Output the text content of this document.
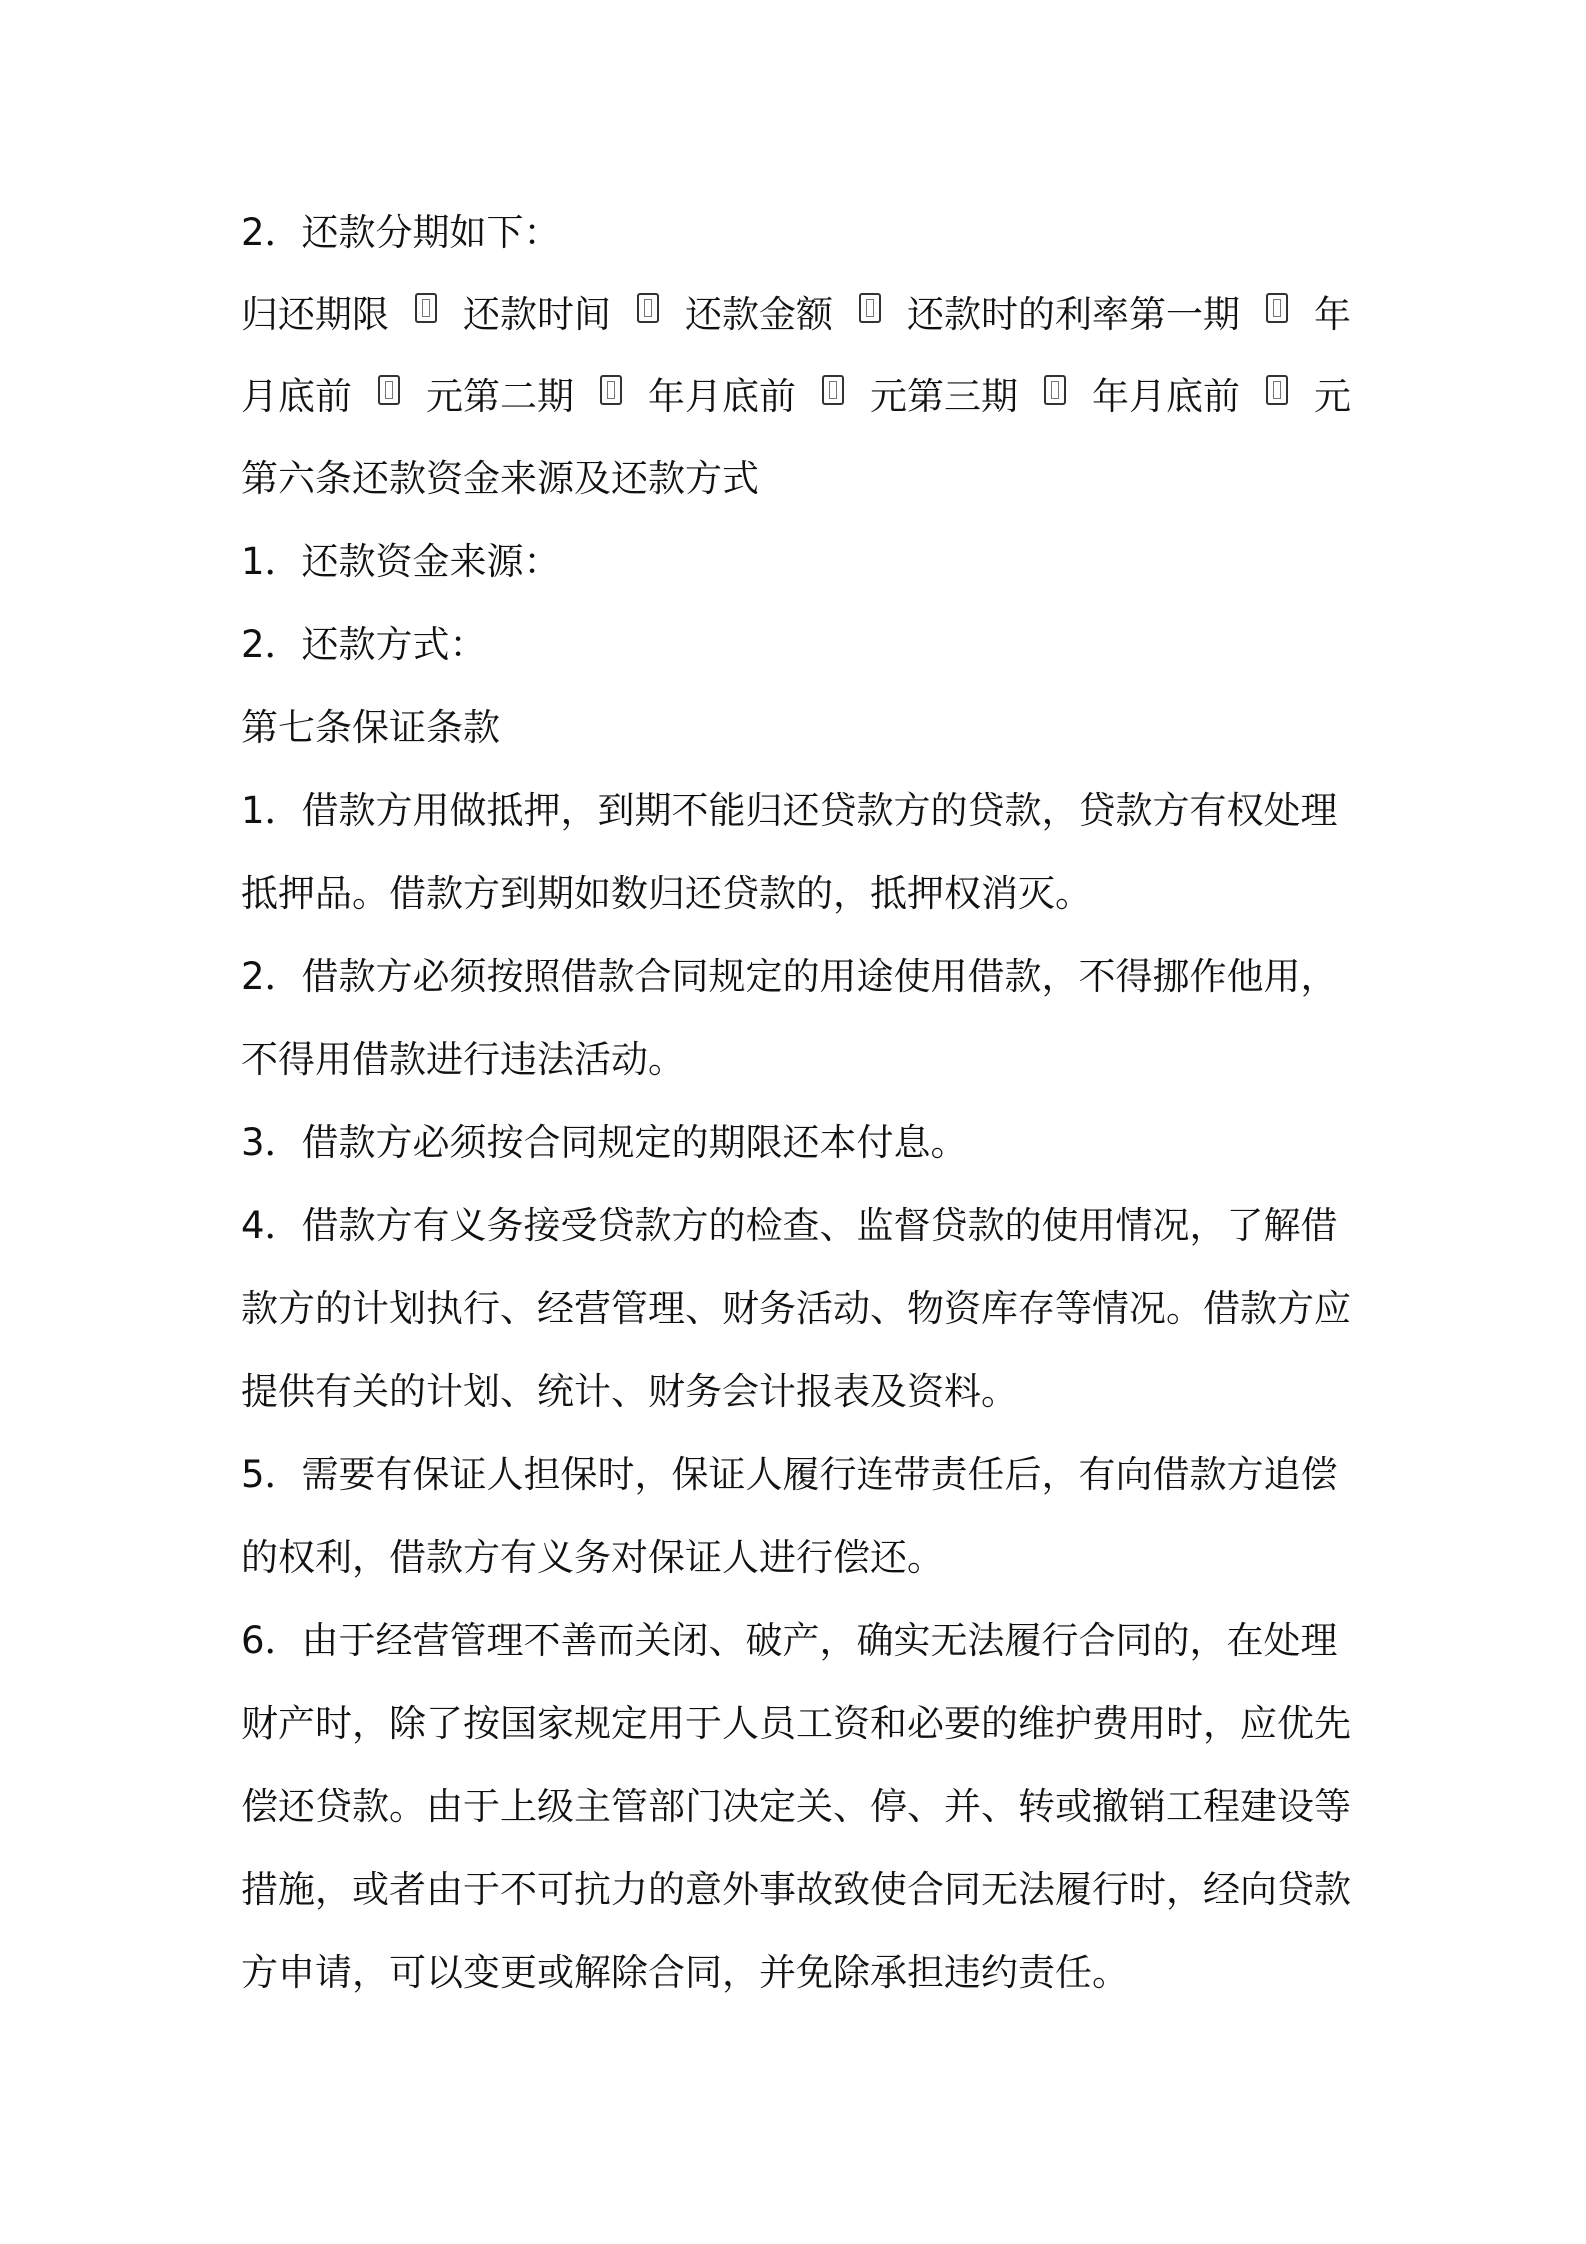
2．还款分期如下：
归还期限 还款时间 还款金额 还款时的利率第一期 年
月底前 元第二期 年月底前 元第三期 年月底前 元
第六条还款资金来源及还款方式
1．还款资金来源：
2．还款方式：
第七条保证条款
1．借款方用做抵押，到期不能归还贷款方的贷款，贷款方有权处理
抵押品。借款方到期如数归还贷款的，抵押权消灭。
2．借款方必须按照借款合同规定的用途使用借款，不得挪作他用，
不得用借款进行违法活动。
3．借款方必须按合同规定的期限还本付息。
4．借款方有义务接受贷款方的检查、监督贷款的使用情况，了解借
款方的计划执行、经营管理、财务活动、物资库存等情况。借款方应
提供有关的计划、统计、财务会计报表及资料。
5．需要有保证人担保时，保证人履行连带责任后，有向借款方追偿
的权利，借款方有义务对保证人进行偿还。
6．由于经营管理不善而关闭、破产，确实无法履行合同的，在处理
财产时，除了按国家规定用于人员工资和必要的维护费用时，应优先
偿还贷款。由于上级主管部门决定关、停、并、转或撤销工程建设等
措施，或者由于不可抗力的意外事故致使合同无法履行时，经向贷款
方申请，可以变更或解除合同，并免除承担违约责任。
